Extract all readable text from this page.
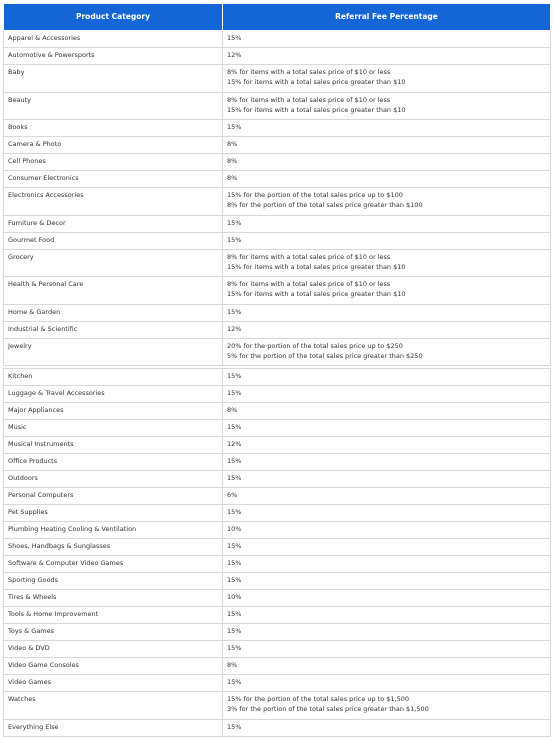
Product Category	Referral Fee Percentage
Apparel & Accessories	15%

Automotive & Powersports	12%

Baby	8% for items with a total sales price of $10 or less
15% for items with a total sales price greater than $10

Beauty	8% for items with a total sales price of $10 or less
15% for items with a total sales price greater than $10

Books	15%

Camera & Photo	8%

Cell Phones	8%

Consumer Electronics	8%

Electronics Accessories	15% for the portion of the total sales price up to $100
8% for the portion of the total sales price greater than $100

Furniture & Decor	15%

Gourmet Food	15%

Grocery	8% for items with a total sales price of $10 or less
15% for items with a total sales price greater than $10

Health & Personal Care	8% for items with a total sales price of $10 or less
15% for items with a total sales price greater than $10

Home & Garden	15%

Industrial & Scientific	12%

Jewelry	20% for the portion of the total sales price up to $250
5% for the portion of the total sales price greater than $250

Kitchen	15%

Luggage & Travel Accessories	15%

Major Appliances	8%

Music	15%

Musical Instruments	12%

Office Products	15%

Outdoors	15%

Personal Computers	6%

Pet Supplies	15%

Plumbing Heating Cooling & Ventilation	10%

Shoes, Handbags & Sunglasses	15%

Software & Computer Video Games	15%

Sporting Goods	15%

Tires & Wheels	10%

Tools & Home Improvement	15%

Toys & Games	15%

Video & DVD	15%

Video Game Consoles	8%

Video Games	15%

Watches	15% for the portion of the total sales price up to $1,500
3% for the portion of the total sales price greater than $1,500

Everything Else	15%
